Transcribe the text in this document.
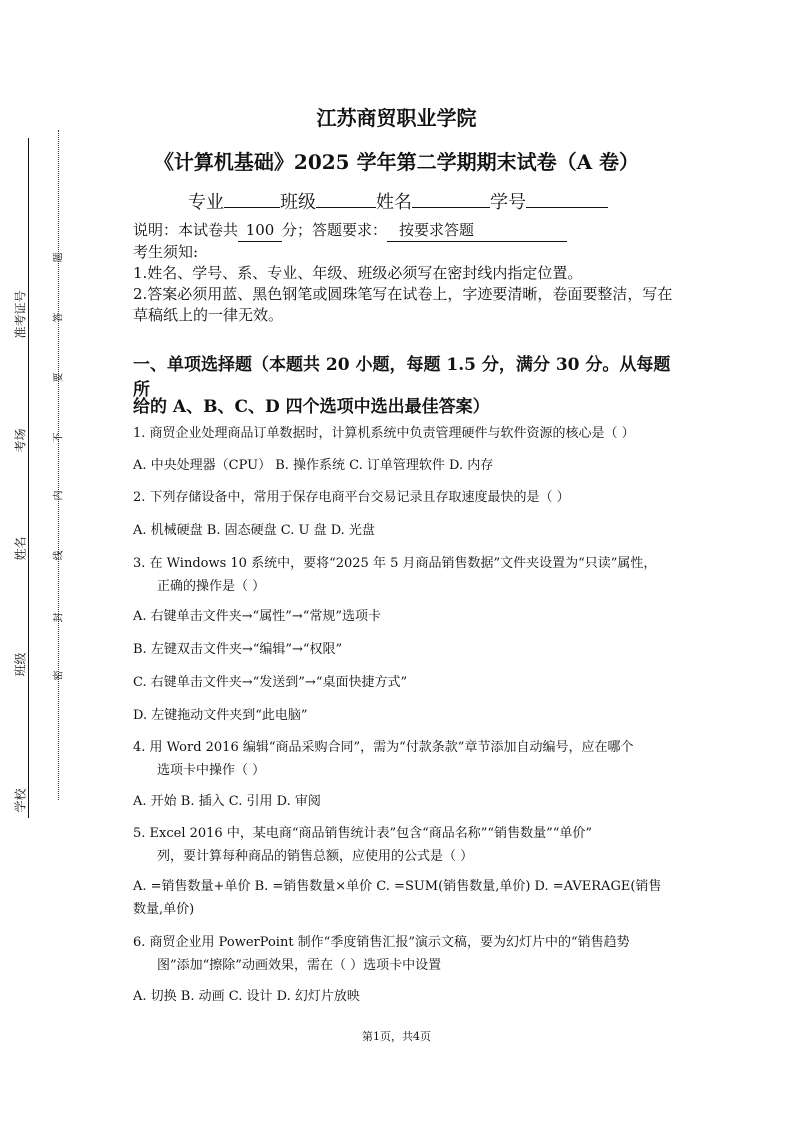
学校
班级
姓名
考场
准考证号
密
封
线
内
不
要
答
题
江苏商贸职业学院
《计算机基础》2025 学年第二学期期末试卷（A 卷）
专业	班级	姓名	学号
说明：本试卷共 100 分；答题要求： 按要求答题
考生须知:
1.姓名、学号、系、专业、年级、班级必须写在密封线内指定位置。
2.答案必须用蓝、黑色钢笔或圆珠笔写在试卷上，字迹要清晰，卷面要整洁，写在草稿纸上的一律无效。
一、单项选择题（本题共 20 小题，每题 1.5 分，满分 30 分。从每题所
给的 A、B、C、D 四个选项中选出最佳答案）
1. 商贸企业处理商品订单数据时，计算机系统中负责管理硬件与软件资源的核心是（ ）
A. 中央处理器（CPU） B. 操作系统 C. 订单管理软件 D. 内存
2. 下列存储设备中，常用于保存电商平台交易记录且存取速度最快的是（ ）
A. 机械硬盘 B. 固态硬盘 C. U 盘 D. 光盘
3. 在 Windows 10 系统中，要将“2025 年 5 月商品销售数据”文件夹设置为“只读”属性，
正确的操作是（ ）
A. 右键单击文件夹→“属性”→“常规”选项卡
B. 左键双击文件夹→“编辑”→“权限”
C. 右键单击文件夹→“发送到”→“桌面快捷方式”
D. 左键拖动文件夹到“此电脑”
4. 用 Word 2016 编辑“商品采购合同”，需为“付款条款”章节添加自动编号，应在哪个
选项卡中操作（ ）
A. 开始 B. 插入 C. 引用 D. 审阅
5. Excel 2016 中，某电商“商品销售统计表”包含“商品名称”“销售数量”“单价”
列，要计算每种商品的销售总额，应使用的公式是（ ）
A. =销售数量+单价 B. =销售数量×单价 C. =SUM(销售数量,单价) D. =AVERAGE(销售
数量,单价)
6. 商贸企业用 PowerPoint 制作“季度销售汇报”演示文稿，要为幻灯片中的“销售趋势
图”添加“擦除”动画效果，需在（ ）选项卡中设置
A. 切换 B. 动画 C. 设计 D. 幻灯片放映
第1页，共4页
